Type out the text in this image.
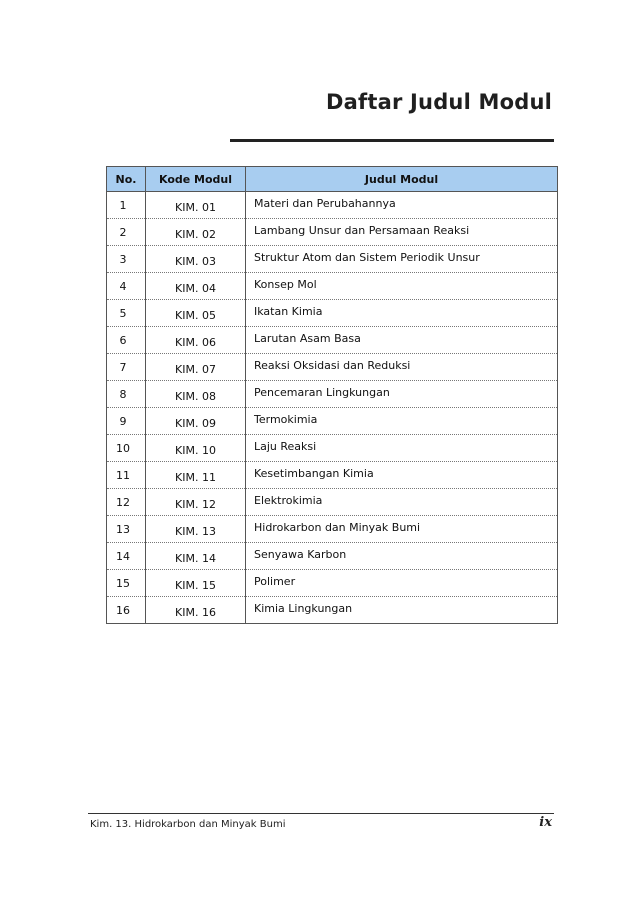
Daftar Judul Modul
No.	Kode Modul	Judul Modul
1	KIM. 01	Materi dan Perubahannya
2	KIM. 02	Lambang Unsur dan Persamaan Reaksi
3	KIM. 03	Struktur Atom dan Sistem Periodik Unsur
4	KIM. 04	Konsep Mol
5	KIM. 05	Ikatan Kimia
6	KIM. 06	Larutan Asam Basa
7	KIM. 07	Reaksi Oksidasi dan Reduksi
8	KIM. 08	Pencemaran Lingkungan
9	KIM. 09	Termokimia
10	KIM. 10	Laju Reaksi
11	KIM. 11	Kesetimbangan Kimia
12	KIM. 12	Elektrokimia
13	KIM. 13	Hidrokarbon dan Minyak Bumi
14	KIM. 14	Senyawa Karbon
15	KIM. 15	Polimer
16	KIM. 16	Kimia Lingkungan
Kim. 13. Hidrokarbon dan Minyak Bumi	ix
